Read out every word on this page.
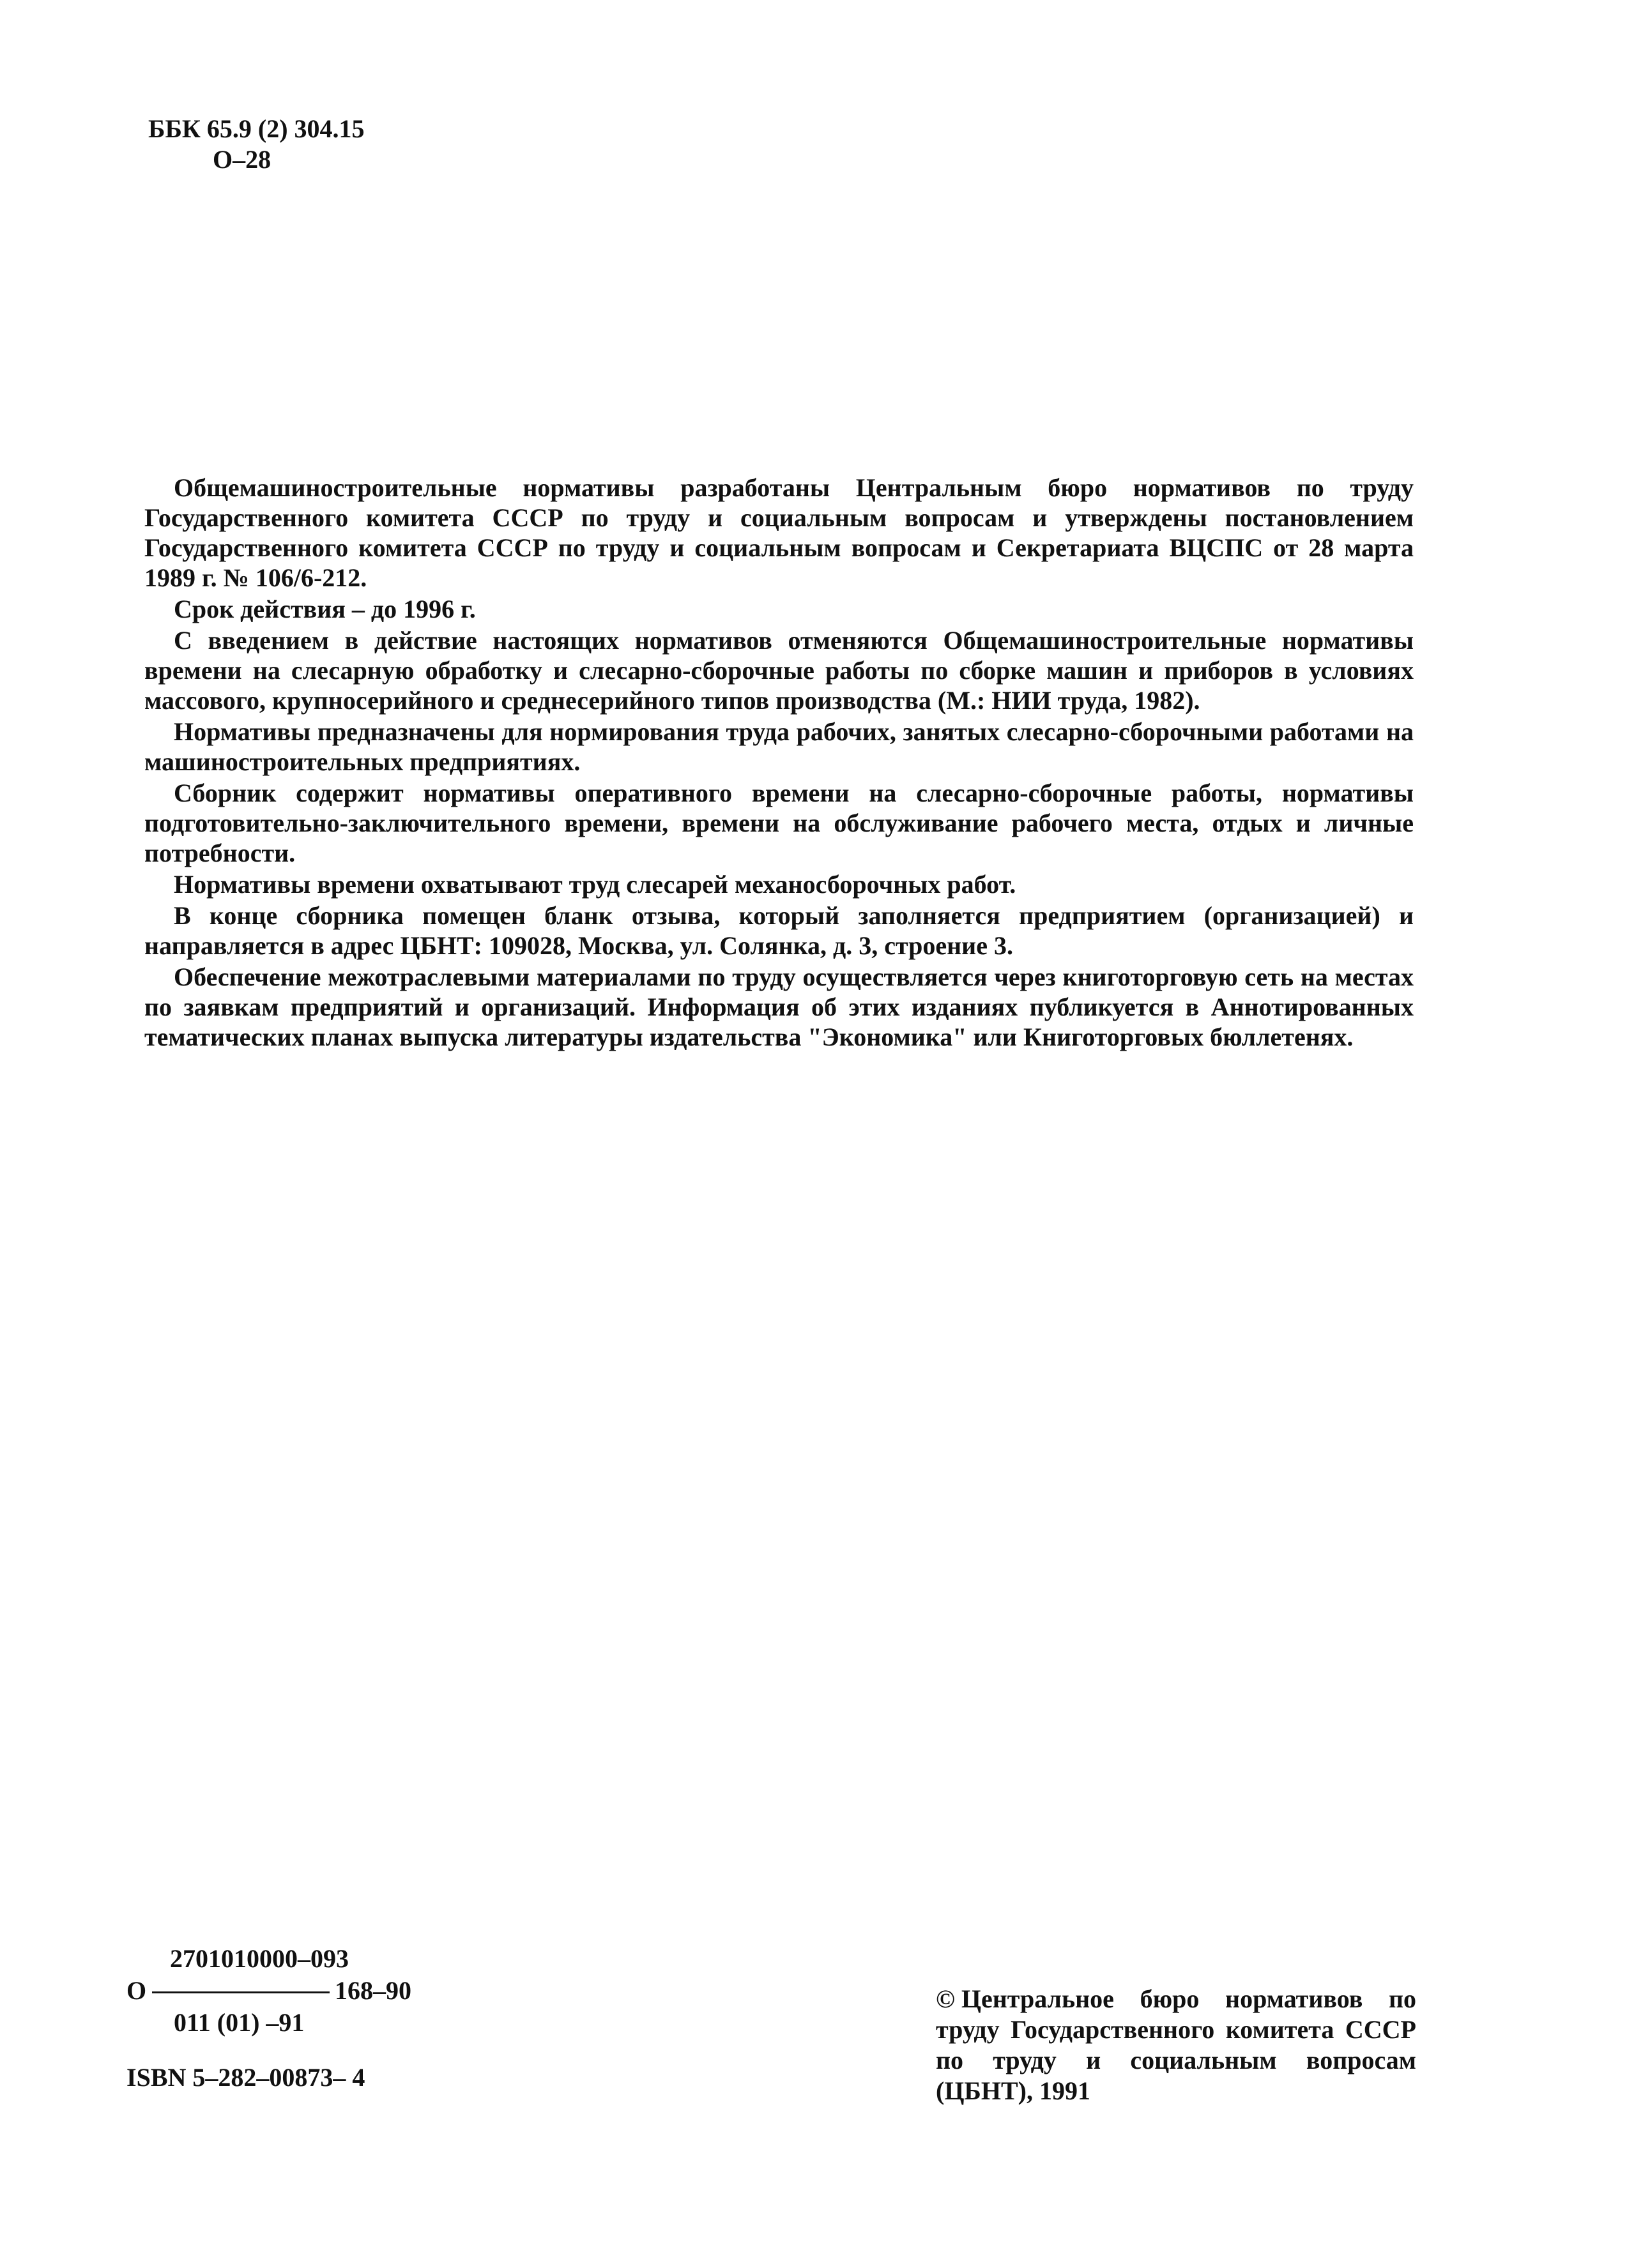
ББК 65.9 (2) 304.15
О–28

Общемашиностроительные нормативы разработаны Центральным бюро нормативов по труду Государственного комитета СССР по труду и социальным вопросам и утверждены постановлением Государственного комитета СССР по труду и социальным вопросам и Секретариата ВЦСПС от 28 марта 1989 г. № 106/6-212.

Срок действия – до 1996 г.

С введением в действие настоящих нормативов отменяются Общемашиностроительные нормативы времени на слесарную обработку и слесарно-сборочные работы по сборке машин и приборов в условиях массового, крупносерийного и среднесерийного типов производства (М.: НИИ труда, 1982).

Нормативы предназначены для нормирования труда рабочих, занятых слесарно-сборочными работами на машиностроительных предприятиях.

Сборник содержит нормативы оперативного времени на слесарно-сборочные работы, нормативы подготовительно-заключительного времени, времени на обслуживание рабочего места, отдых и личные потребности.

Нормативы времени охватывают труд слесарей механосборочных работ.

В конце сборника помещен бланк отзыва, который заполняется предприятием (организацией) и направляется в адрес ЦБНТ: 109028, Москва, ул. Солянка, д. 3, строение 3.

Обеспечение межотраслевыми материалами по труду осуществляется через книготорговую сеть на местах по заявкам предприятий и организаций. Информация об этих изданиях публикуется в Аннотированных тематических планах выпуска литературы издательства "Экономика" или Книготорговых бюллетенях.

2701010000–093
О	168–90
011 (01) –91
ISBN 5–282–00873– 4
© Центральное бюро нормативов по труду Государственного комитета СССР по труду и социальным вопросам (ЦБНТ), 1991
